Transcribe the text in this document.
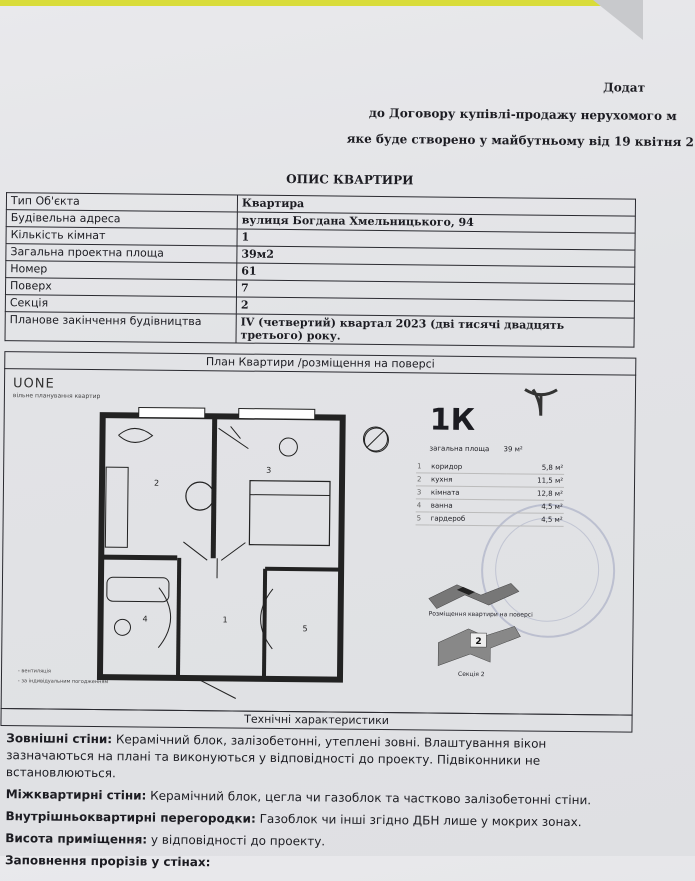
Додат
до Договору купівлі-продажу нерухомого м
яке буде створено у майбутньому від 19 квітня 2
ОПИС КВАРТИРИ
Тип Об'єкта	Квартира
Будівельна адреса	вулиця Богдана Хмельницького, 94
Кількість кімнат	1
Загальна проектна площа	39м2
Номер	61
Поверх	7
Секція	2
Планове закінчення будівництва	IV (четвертий) квартал 2023 (дві тисячі двадцять третього) року.
План Квартири /розміщення на поверсі
UONE
вільне планування квартир
2
3
4	1
5
- вентиляція
- за індивідуальним погодженням
1К
загальна площа 39 м²
1	коридор	5,8 м²
2	кухня	11,5 м²
3	кімната	12,8 м²
4	ванна	4,5 м²
5	гардероб	4,5 м²
Розміщення квартири на поверсі
2
Секція 2
Технічні характеристики

Зовнішні стіни: Керамічний блок, залізобетонні, утеплені зовні. Влаштування вікон зазначаються на плані та виконуються у відповідності до проекту. Підвіконники не встановлюються.

Міжквартирні стіни: Керамічний блок, цегла чи газоблок та частково залізобетонні стіни.

Внутрішньоквартирні перегородки: Газоблок чи інші згідно ДБН лише у мокрих зонах.

Висота приміщення: у відповідності до проекту.

Заповнення прорізів у стінах:
